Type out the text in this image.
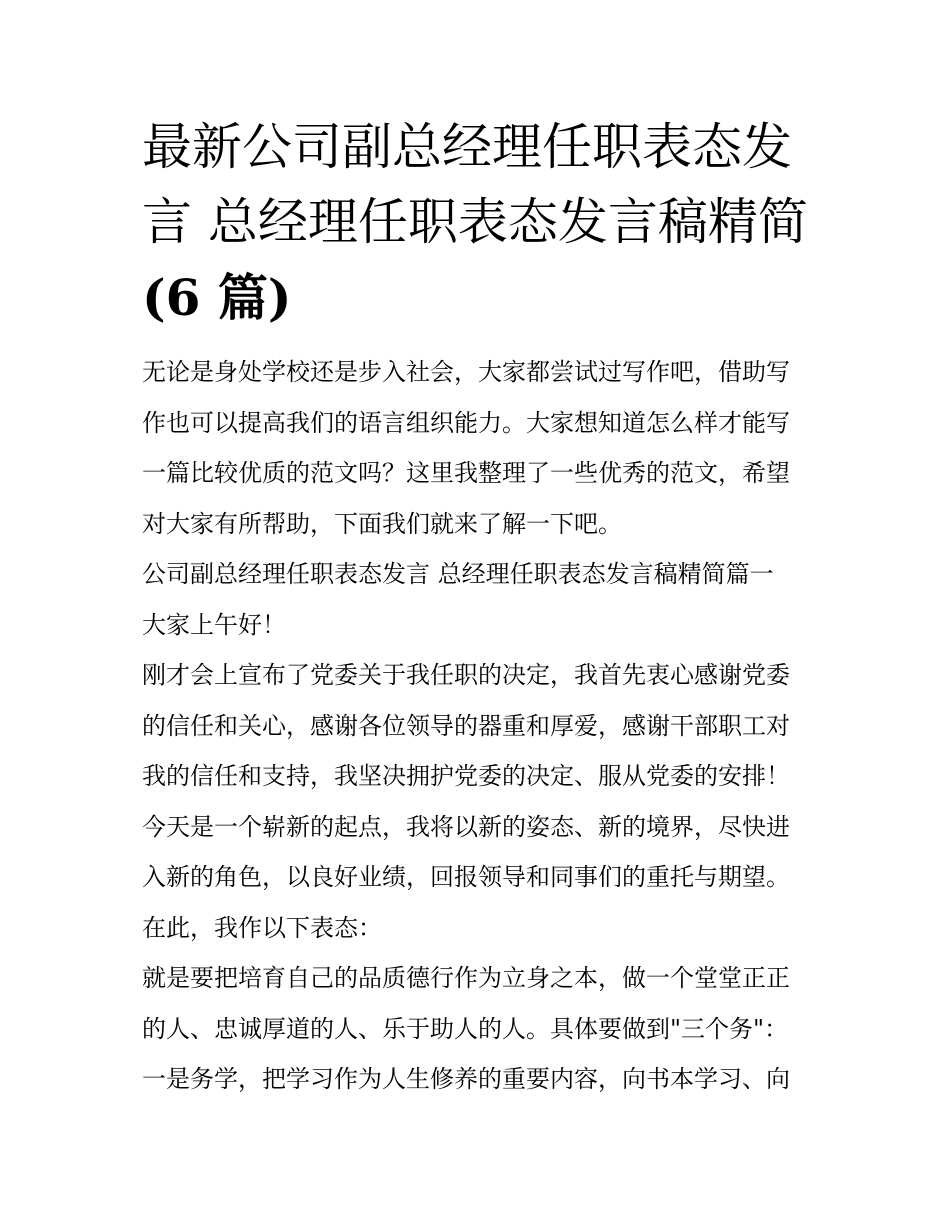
最新公司副总经理任职表态发
言 总经理任职表态发言稿精简
(6 篇)
无论是身处学校还是步入社会，大家都尝试过写作吧，借助写
作也可以提高我们的语言组织能力。大家想知道怎么样才能写
一篇比较优质的范文吗？这里我整理了一些优秀的范文，希望
对大家有所帮助，下面我们就来了解一下吧。
公司副总经理任职表态发言 总经理任职表态发言稿精简篇一
大家上午好！
刚才会上宣布了党委关于我任职的决定，我首先衷心感谢党委
的信任和关心，感谢各位领导的器重和厚爱，感谢干部职工对
我的信任和支持，我坚决拥护党委的决定、服从党委的安排！
今天是一个崭新的起点，我将以新的姿态、新的境界，尽快进
入新的角色，以良好业绩，回报领导和同事们的重托与期望。
在此，我作以下表态：
就是要把培育自己的品质德行作为立身之本，做一个堂堂正正
的人、忠诚厚道的人、乐于助人的人。具体要做到"三个务"：
一是务学，把学习作为人生修养的重要内容，向书本学习、向
